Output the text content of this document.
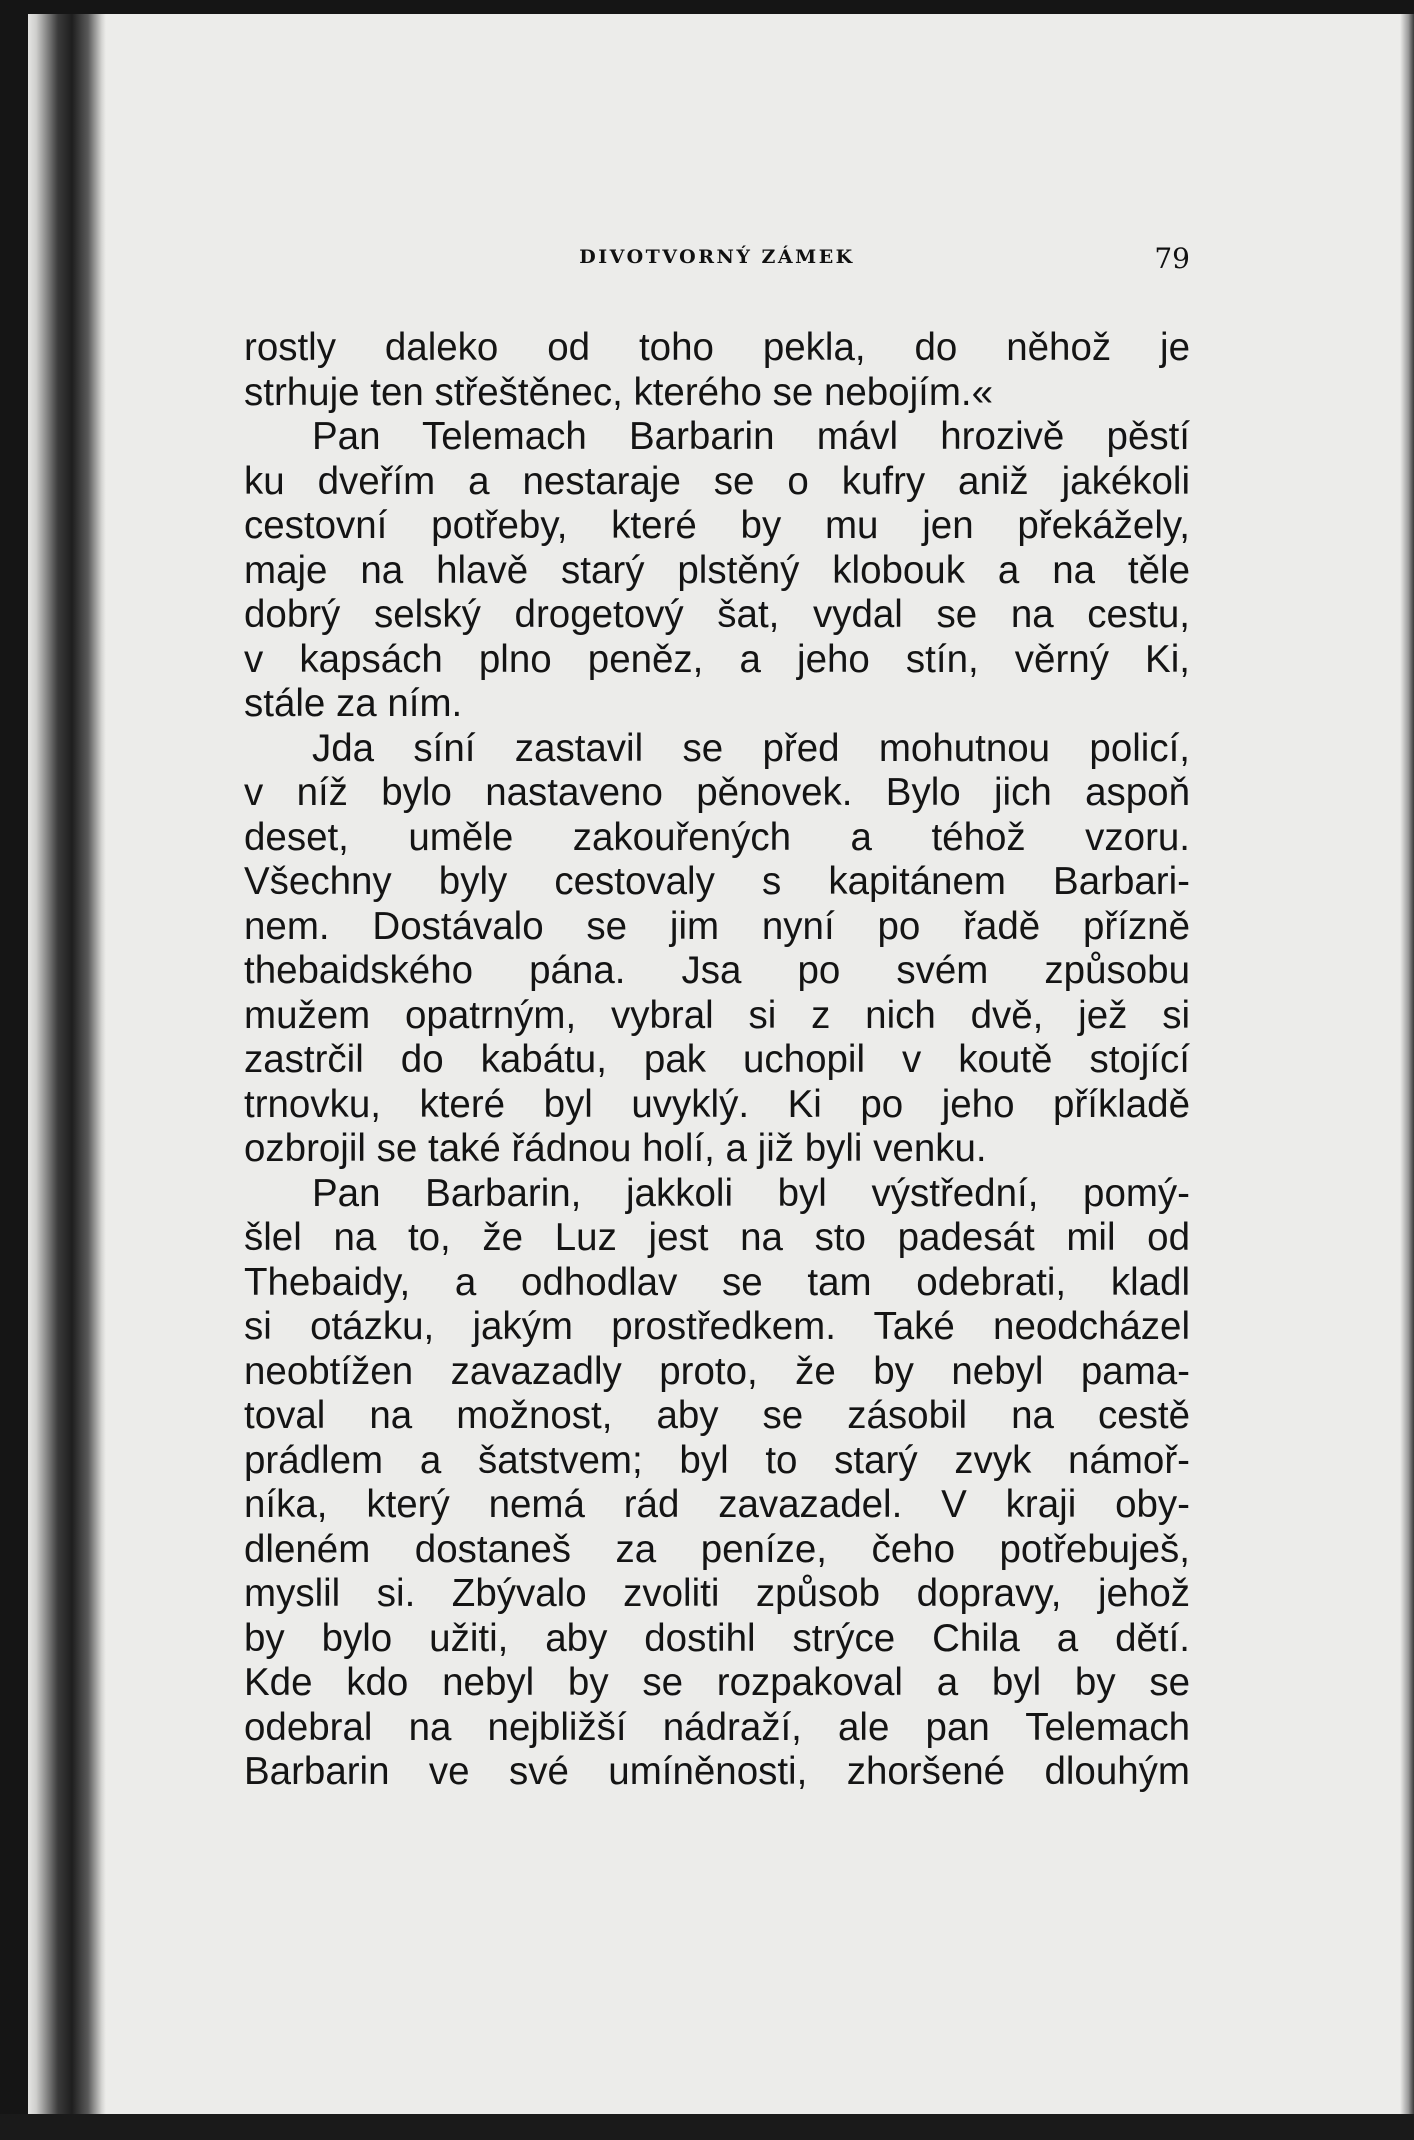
DIVOTVORNÝ ZÁMEK	79
rostly daleko od toho pekla, do něhož je
strhuje ten střeštěnec, kterého se nebojím.«
Pan Telemach Barbarin mávl hrozivě pěstí
ku dveřím a nestaraje se o kufry aniž jakékoli
cestovní potřeby, které by mu jen překážely,
maje na hlavě starý plstěný klobouk a na těle
dobrý selský drogetový šat, vydal se na cestu,
v kapsách plno peněz, a jeho stín, věrný Ki,
stále za ním.
Jda síní zastavil se před mohutnou policí,
v níž bylo nastaveno pěnovek. Bylo jich aspoň
deset, uměle zakouřených a téhož vzoru.
Všechny byly cestovaly s kapitánem Barbari-
nem. Dostávalo se jim nyní po řadě přízně
thebaidského pána. Jsa po svém způsobu
mužem opatrným, vybral si z nich dvě, jež si
zastrčil do kabátu, pak uchopil v koutě stojící
trnovku, které byl uvyklý. Ki po jeho příkladě
ozbrojil se také řádnou holí, a již byli venku.
Pan Barbarin, jakkoli byl výstřední, pomý-
šlel na to, že Luz jest na sto padesát mil od
Thebaidy, a odhodlav se tam odebrati, kladl
si otázku, jakým prostředkem. Také neodcházel
neobtížen zavazadly proto, že by nebyl pama-
toval na možnost, aby se zásobil na cestě
prádlem a šatstvem; byl to starý zvyk námoř-
níka, který nemá rád zavazadel. V kraji oby-
dleném dostaneš za peníze, čeho potřebuješ,
myslil si. Zbývalo zvoliti způsob dopravy, jehož
by bylo užiti, aby dostihl strýce Chila a dětí.
Kde kdo nebyl by se rozpakoval a byl by se
odebral na nejbližší nádraží, ale pan Telemach
Barbarin ve své umíněnosti, zhoršené dlouhým
